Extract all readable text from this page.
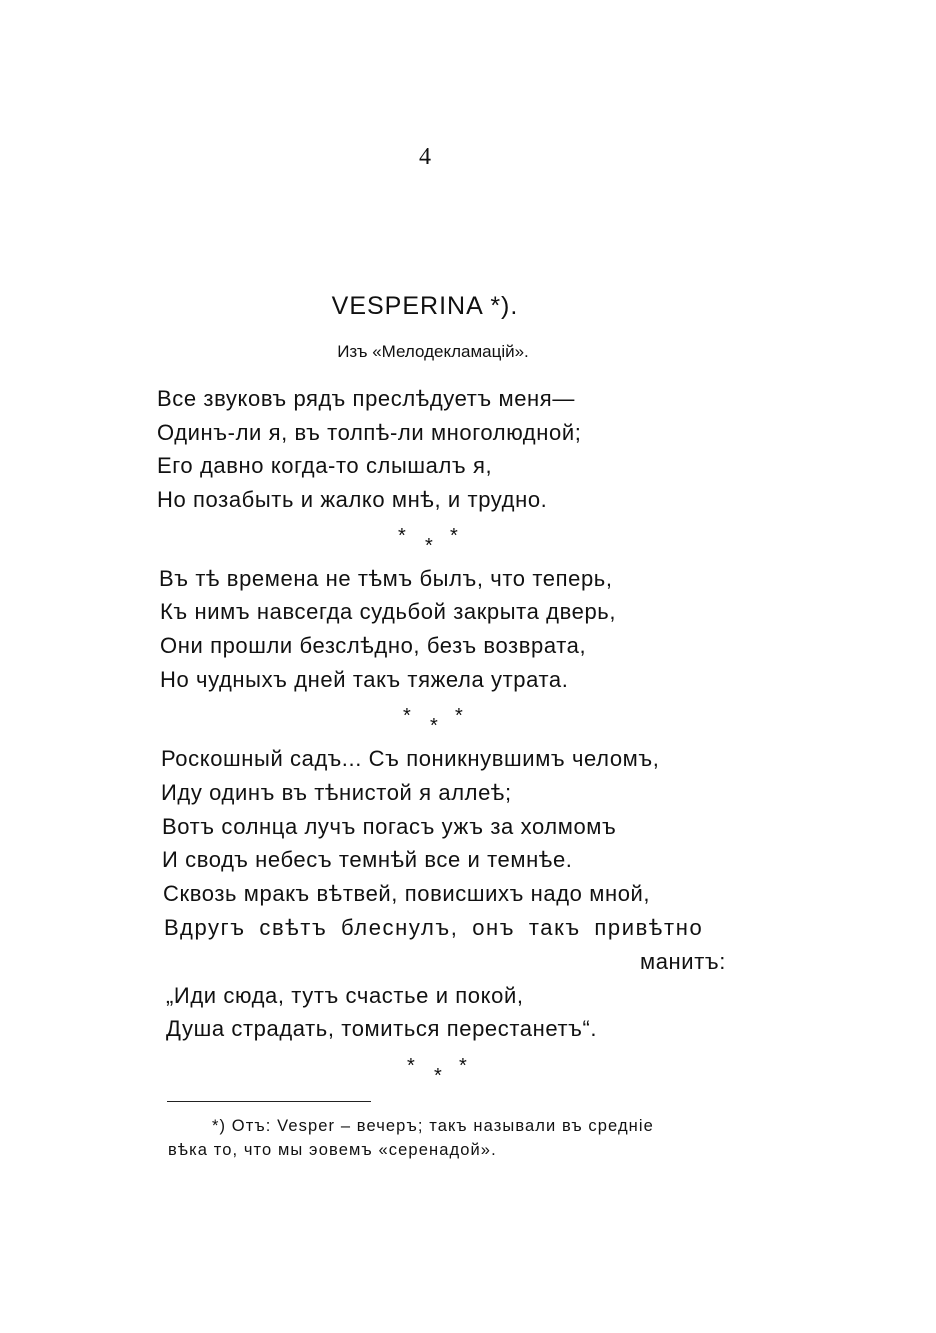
4
VESPERINA *).
Изъ «Мелодекламацій».
Все звуковъ рядъ преслѣдуетъ меня—
Одинъ-ли я, въ толпѣ-ли многолюдной;
Его давно когда-то слышалъ я,
Но позабыть и жалко мнѣ, и трудно.
* * *
Въ тѣ времена не тѣмъ былъ, что теперь,
Къ нимъ навсегда судьбой закрыта дверь,
Они прошли безслѣдно, безъ возврата,
Но чудныхъ дней такъ тяжела утрата.
* * *
Роскошный садъ... Съ поникнувшимъ челомъ,
Иду одинъ въ тѣнистой я аллеѣ;
Вотъ солнца лучъ погасъ ужъ за холмомъ
И сводъ небесъ темнѣй все и темнѣе.
Сквозь мракъ вѣтвей, повисшихъ надо мной,
Вдругъ свѣтъ блеснулъ, онъ такъ привѣтно
манитъ:
„Иди сюда, тутъ счастье и покой,
Душа страдать, томиться перестанетъ“.
* * *
*) Отъ: Vesper – вечеръ; такъ называли въ среднiе
вѣка то, что мы эовемъ «серенадой».
